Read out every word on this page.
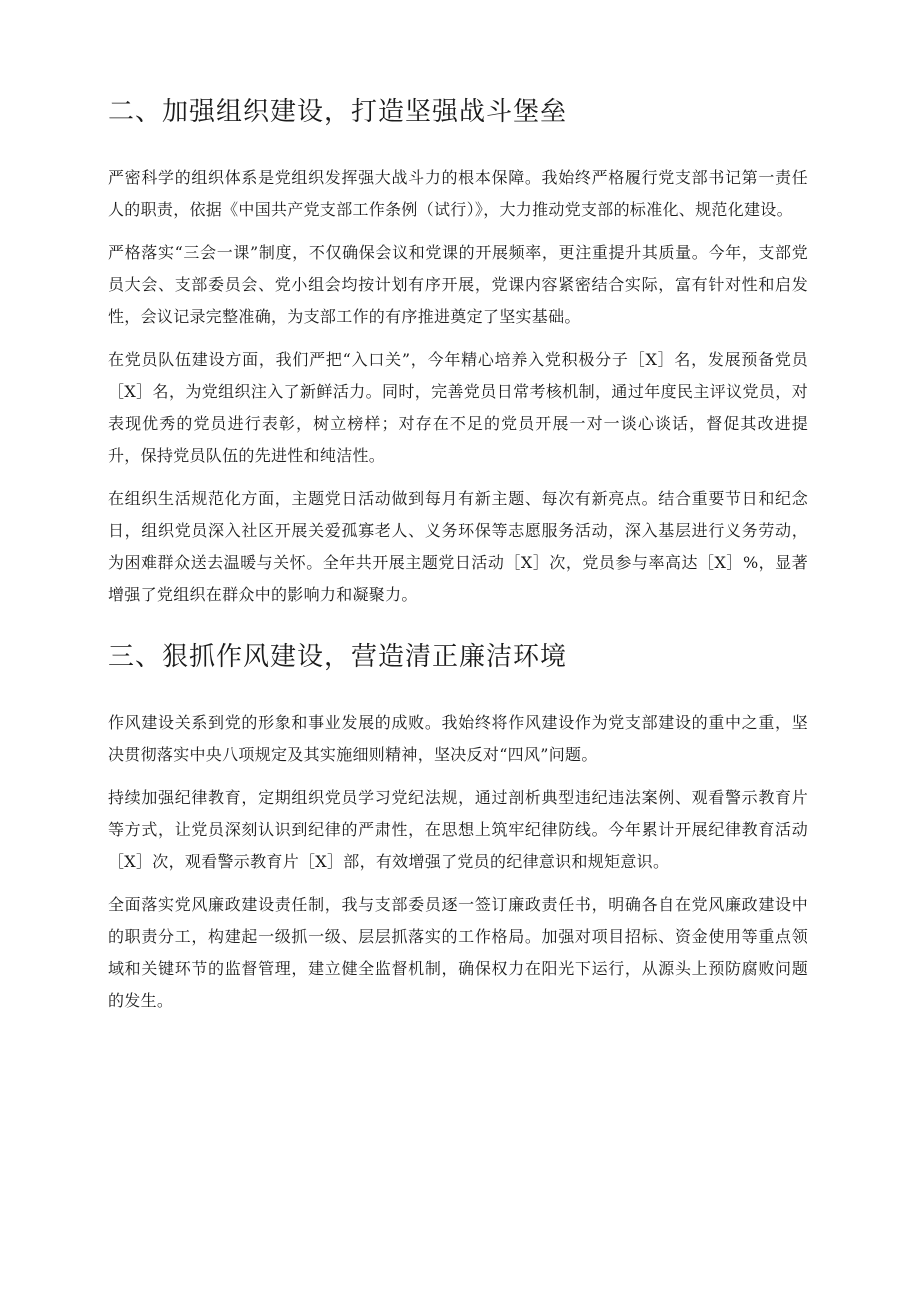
二、加强组织建设，打造坚强战斗堡垒

严密科学的组织体系是党组织发挥强大战斗力的根本保障。我始终严格履行党支部书记第一责任人的职责，依据《中国共产党支部工作条例（试行）》，大力推动党支部的标准化、规范化建设。

严格落实“三会一课”制度，不仅确保会议和党课的开展频率，更注重提升其质量。今年，支部党员大会、支部委员会、党小组会均按计划有序开展，党课内容紧密结合实际，富有针对性和启发性，会议记录完整准确，为支部工作的有序推进奠定了坚实基础。

在党员队伍建设方面，我们严把“入口关”，今年精心培养入党积极分子［X］名，发展预备党员［X］名，为党组织注入了新鲜活力。同时，完善党员日常考核机制，通过年度民主评议党员，对表现优秀的党员进行表彰，树立榜样；对存在不足的党员开展一对一谈心谈话，督促其改进提升，保持党员队伍的先进性和纯洁性。

在组织生活规范化方面，主题党日活动做到每月有新主题、每次有新亮点。结合重要节日和纪念日，组织党员深入社区开展关爱孤寡老人、义务环保等志愿服务活动，深入基层进行义务劳动，为困难群众送去温暖与关怀。全年共开展主题党日活动［X］次，党员参与率高达［X］%，显著增强了党组织在群众中的影响力和凝聚力。

三、狠抓作风建设，营造清正廉洁环境

作风建设关系到党的形象和事业发展的成败。我始终将作风建设作为党支部建设的重中之重，坚决贯彻落实中央八项规定及其实施细则精神，坚决反对“四风”问题。

持续加强纪律教育，定期组织党员学习党纪法规，通过剖析典型违纪违法案例、观看警示教育片等方式，让党员深刻认识到纪律的严肃性，在思想上筑牢纪律防线。今年累计开展纪律教育活动［X］次，观看警示教育片［X］部，有效增强了党员的纪律意识和规矩意识。

全面落实党风廉政建设责任制，我与支部委员逐一签订廉政责任书，明确各自在党风廉政建设中的职责分工，构建起一级抓一级、层层抓落实的工作格局。加强对项目招标、资金使用等重点领域和关键环节的监督管理，建立健全监督机制，确保权力在阳光下运行，从源头上预防腐败问题的发生。
